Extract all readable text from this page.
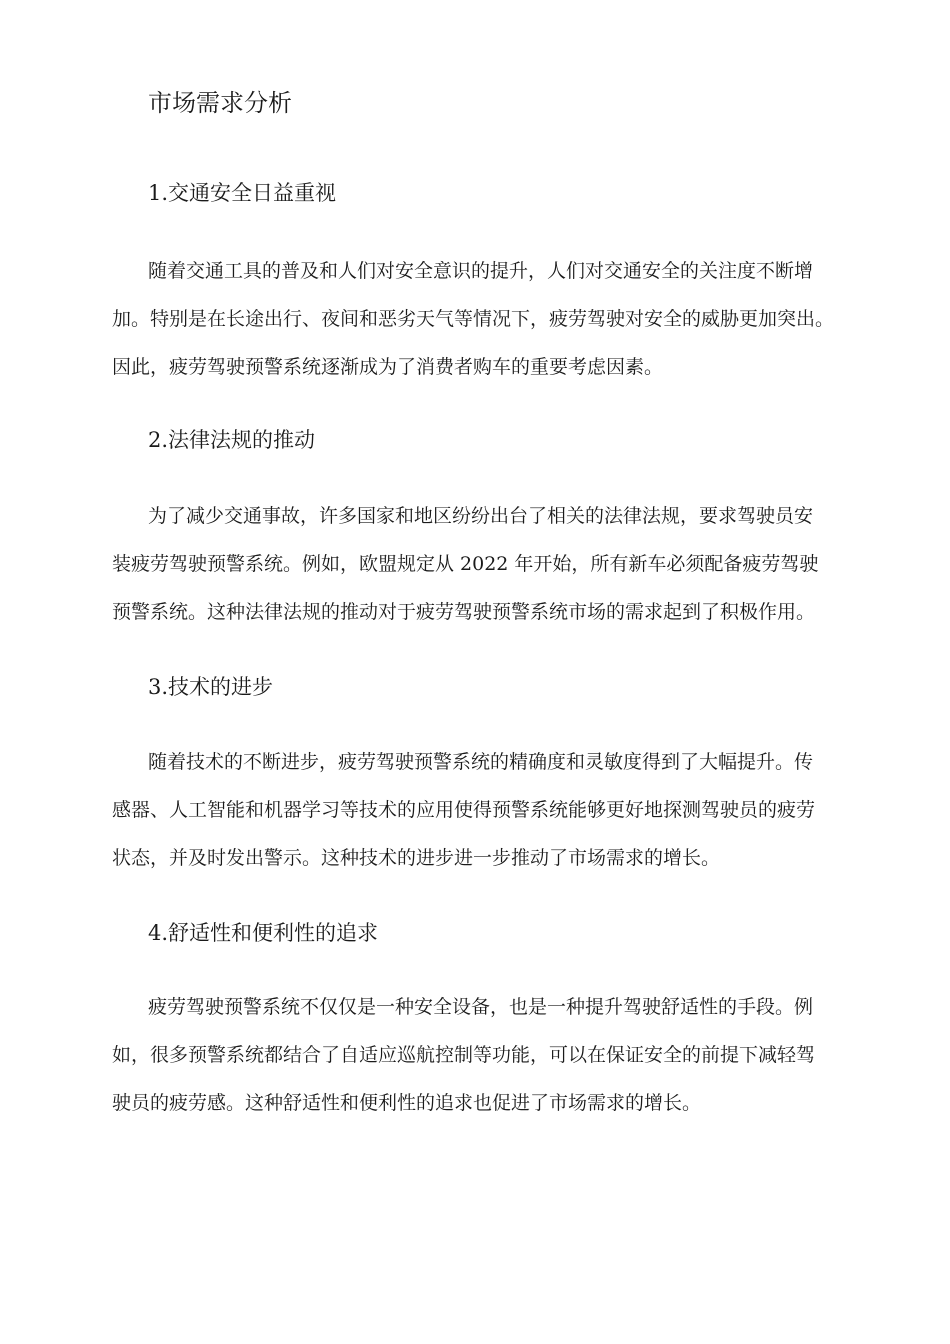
市场需求分析
1.交通安全日益重视

随着交通工具的普及和人们对安全意识的提升，人们对交通安全的关注度不断增

加。特别是在长途出行、夜间和恶劣天气等情况下，疲劳驾驶对安全的威胁更加突出。

因此，疲劳驾驶预警系统逐渐成为了消费者购车的重要考虑因素。

2.法律法规的推动

为了减少交通事故，许多国家和地区纷纷出台了相关的法律法规，要求驾驶员安

装疲劳驾驶预警系统。例如，欧盟规定从 2022 年开始，所有新车必须配备疲劳驾驶

预警系统。这种法律法规的推动对于疲劳驾驶预警系统市场的需求起到了积极作用。

3.技术的进步

随着技术的不断进步，疲劳驾驶预警系统的精确度和灵敏度得到了大幅提升。传

感器、人工智能和机器学习等技术的应用使得预警系统能够更好地探测驾驶员的疲劳

状态，并及时发出警示。这种技术的进步进一步推动了市场需求的增长。

4.舒适性和便利性的追求

疲劳驾驶预警系统不仅仅是一种安全设备，也是一种提升驾驶舒适性的手段。例

如，很多预警系统都结合了自适应巡航控制等功能，可以在保证安全的前提下减轻驾

驶员的疲劳感。这种舒适性和便利性的追求也促进了市场需求的增长。
